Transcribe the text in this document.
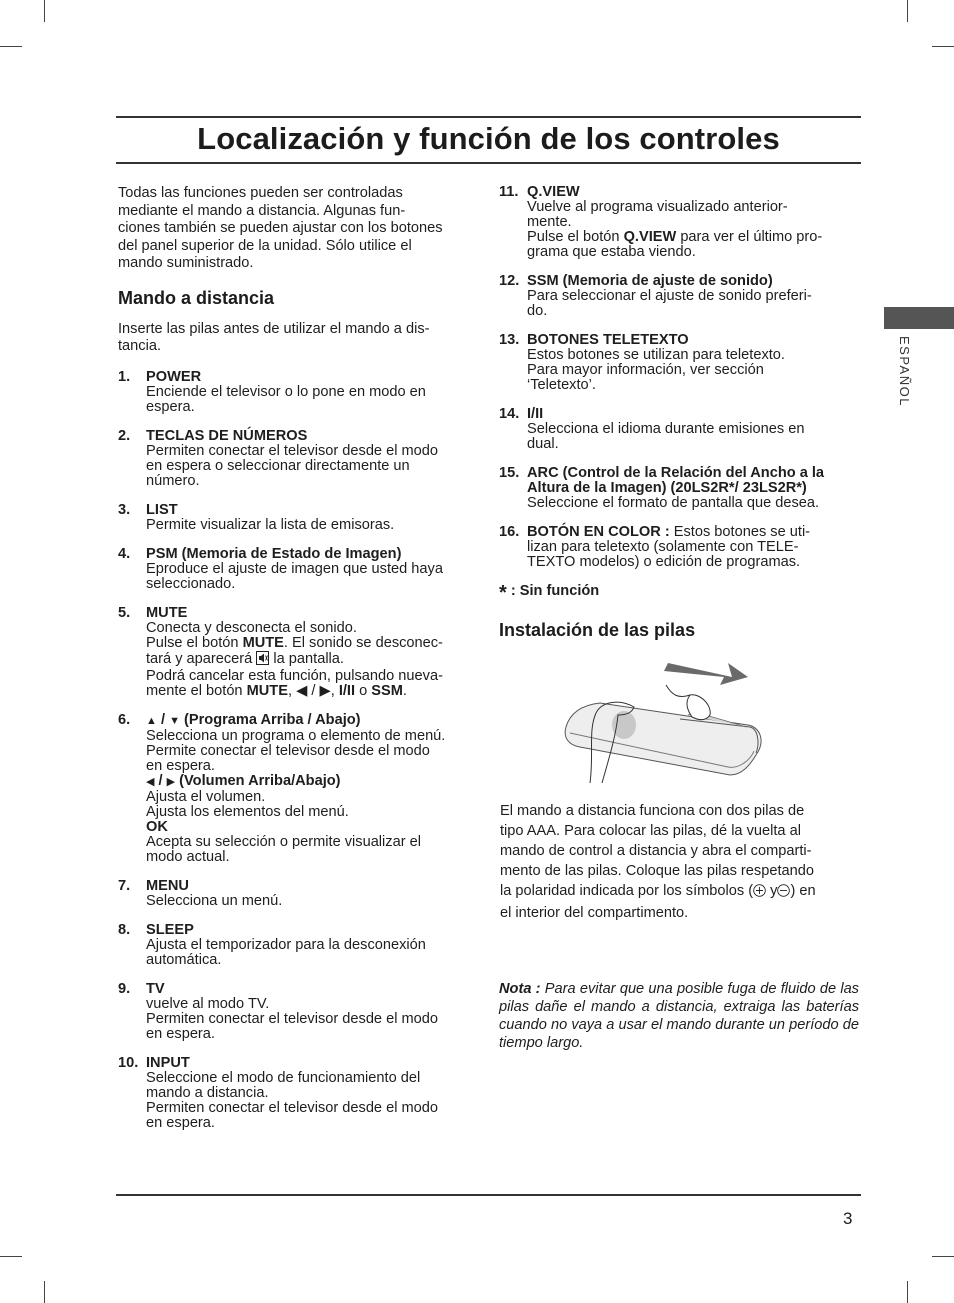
Localización y función de los controles
ESPAÑOL
Todas las funciones pueden ser controladas
mediante el mando a distancia. Algunas fun-
ciones también se pueden ajustar con los botones
del panel superior de la unidad. Sólo utilice el
mando suministrado.
Mando a distancia
Inserte las pilas antes de utilizar el mando a dis-
tancia.
1. POWER
Enciende el televisor o lo pone en modo en
espera.
2. TECLAS DE NÚMEROS
Permiten conectar el televisor desde el modo
en espera o seleccionar directamente un
número.
3. LIST
Permite visualizar la lista de emisoras.
4. PSM (Memoria de Estado de Imagen)
Eproduce el ajuste de imagen que usted haya
seleccionado.
5. MUTE
Conecta y desconecta el sonido.
Pulse el botón MUTE. El sonido se desconec-
tará y aparecerá  la pantalla.
Podrá cancelar esta función, pulsando nueva-
mente el botón MUTE, ◀ / ▶, I/II o SSM.
6. ▲ / ▼ (Programa Arriba / Abajo)
Selecciona un programa o elemento de menú.
Permite conectar el televisor desde el modo
en espera.
◀ / ▶ (Volumen Arriba/Abajo)
Ajusta el volumen.
Ajusta los elementos del menú.
OK
Acepta su selección o permite visualizar el
modo actual.
7. MENU
Selecciona un menú.
8. SLEEP
Ajusta el temporizador para la desconexión
automática.
9. TV
vuelve al modo TV.
Permiten conectar el televisor desde el modo
en espera.
10. INPUT
Seleccione el modo de funcionamiento del
mando a distancia.
Permiten conectar el televisor desde el modo
en espera.
11. Q.VIEW
Vuelve al programa visualizado anterior-
mente.
Pulse el botón Q.VIEW para ver el último pro-
grama que estaba viendo.
12. SSM (Memoria de ajuste de sonido)
Para seleccionar el ajuste de sonido preferi-
do.
13. BOTONES TELETEXTO
Estos botones se utilizan para teletexto.
Para mayor información, ver sección
‘Teletexto’.
14. I/II
Selecciona el idioma durante emisiones en
dual.
15. ARC (Control de la Relación del Ancho a la
Altura de la Imagen) (20LS2R*/ 23LS2R*)
Seleccione el formato de pantalla que desea.
16. BOTÓN EN COLOR : Estos botones se uti-
lizan para teletexto (solamente con TELE-
TEXTO modelos) o edición de programas.
* : Sin función
Instalación de las pilas
El mando a distancia funciona con dos pilas de
tipo AAA. Para colocar las pilas, dé la vuelta al
mando de control a distancia y abra el comparti-
mento de las pilas. Coloque las pilas respetando
la polaridad indicada por los símbolos ( y ) en
el interior del compartimento.
Nota : Para evitar que una posible fuga de fluido de las pilas dañe el mando a distancia, extraiga las baterías cuando no vaya a usar el mando durante un período de tiempo largo.
3
